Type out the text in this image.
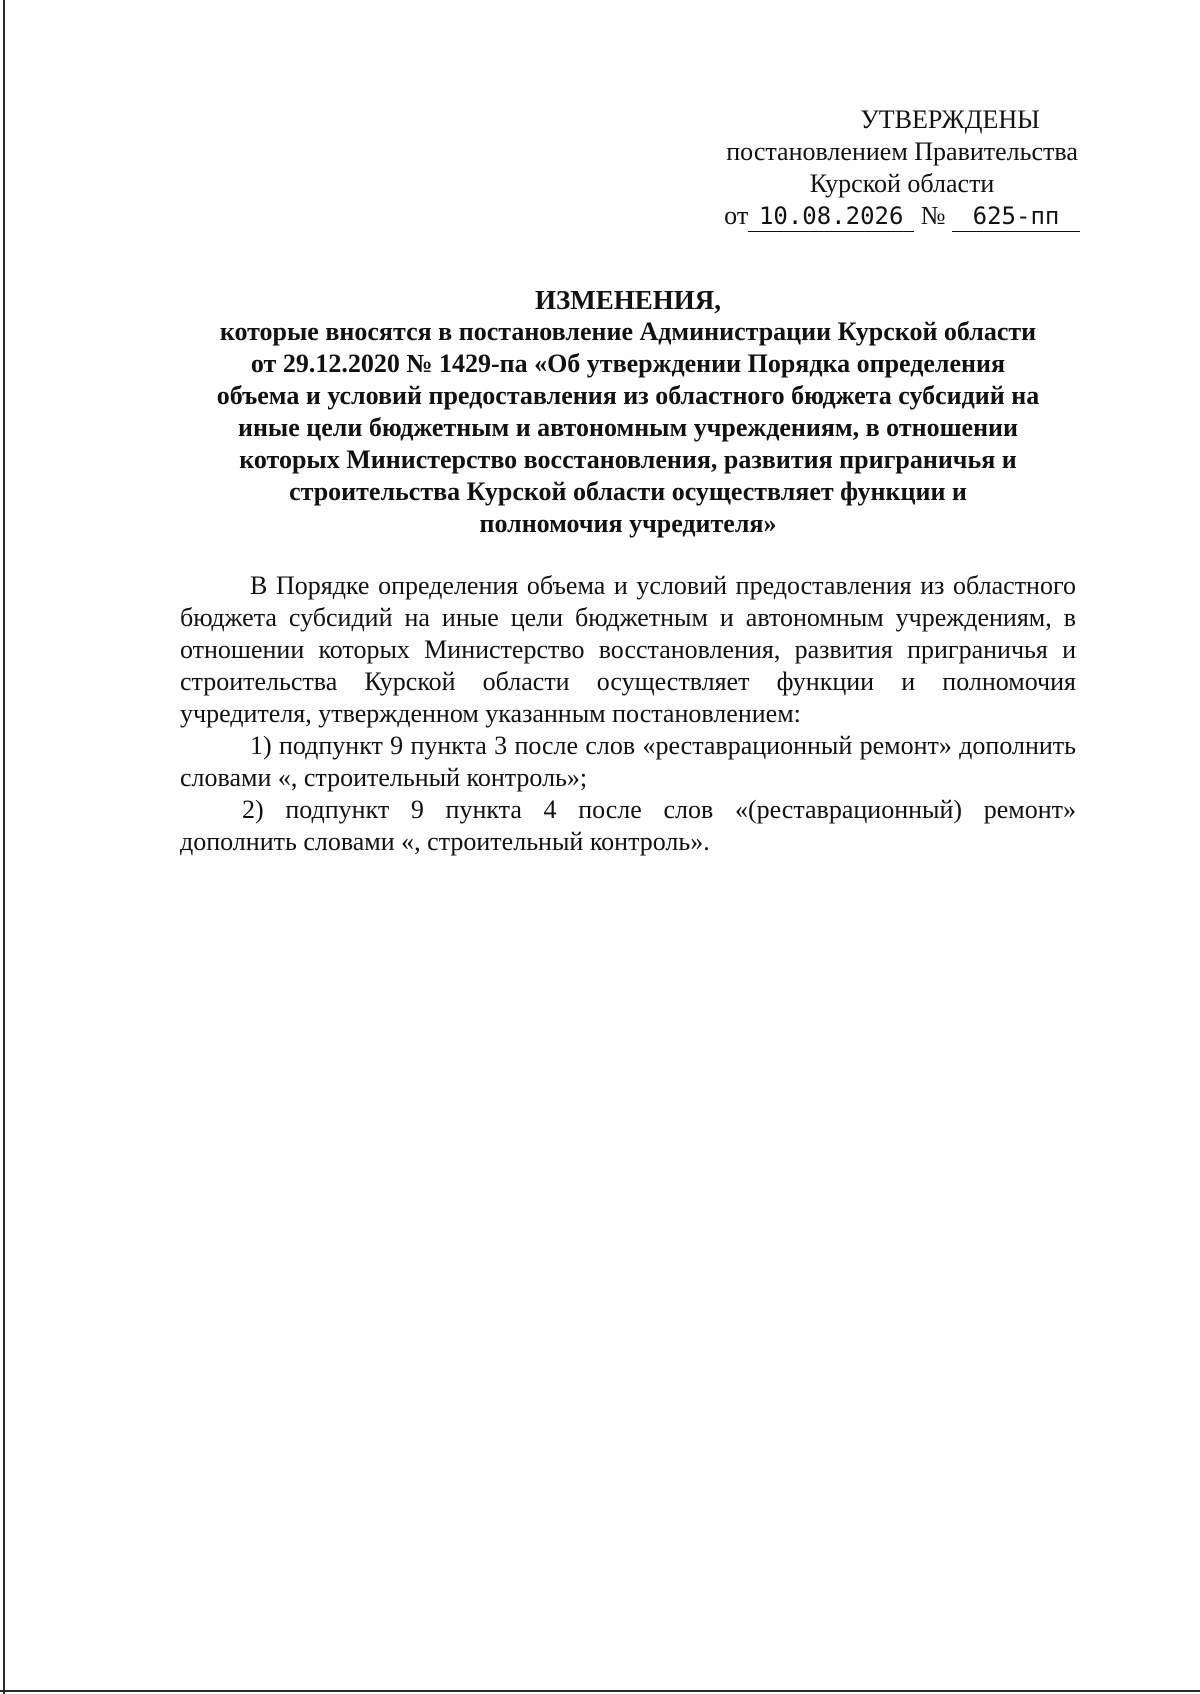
УТВЕРЖДЕНЫ
постановлением Правительства
Курской области
от 10.08.2026 № 625-пп
ИЗМЕНЕНИЯ,
которые вносятся в постановление Администрации Курской области
от 29.12.2020 № 1429-па «Об утверждении Порядка определения
объема и условий предоставления из областного бюджета субсидий на
иные цели бюджетным и автономным учреждениям, в отношении
которых Министерство восстановления, развития приграничья и
строительства Курской области осуществляет функции и
полномочия учредителя»

В Порядке определения объема и условий предоставления из областного бюджета субсидий на иные цели бюджетным и автономным учреждениям, в отношении которых Министерство восстановления, развития приграничья и строительства Курской области осуществляет функции и полномочия учредителя, утвержденном указанным постановлением:

1) подпункт 9 пункта 3 после слов «реставрационный ремонт» дополнить словами «, строительный контроль»;

2) подпункт 9 пункта 4 после слов «(реставрационный) ремонт» дополнить словами «, строительный контроль».
